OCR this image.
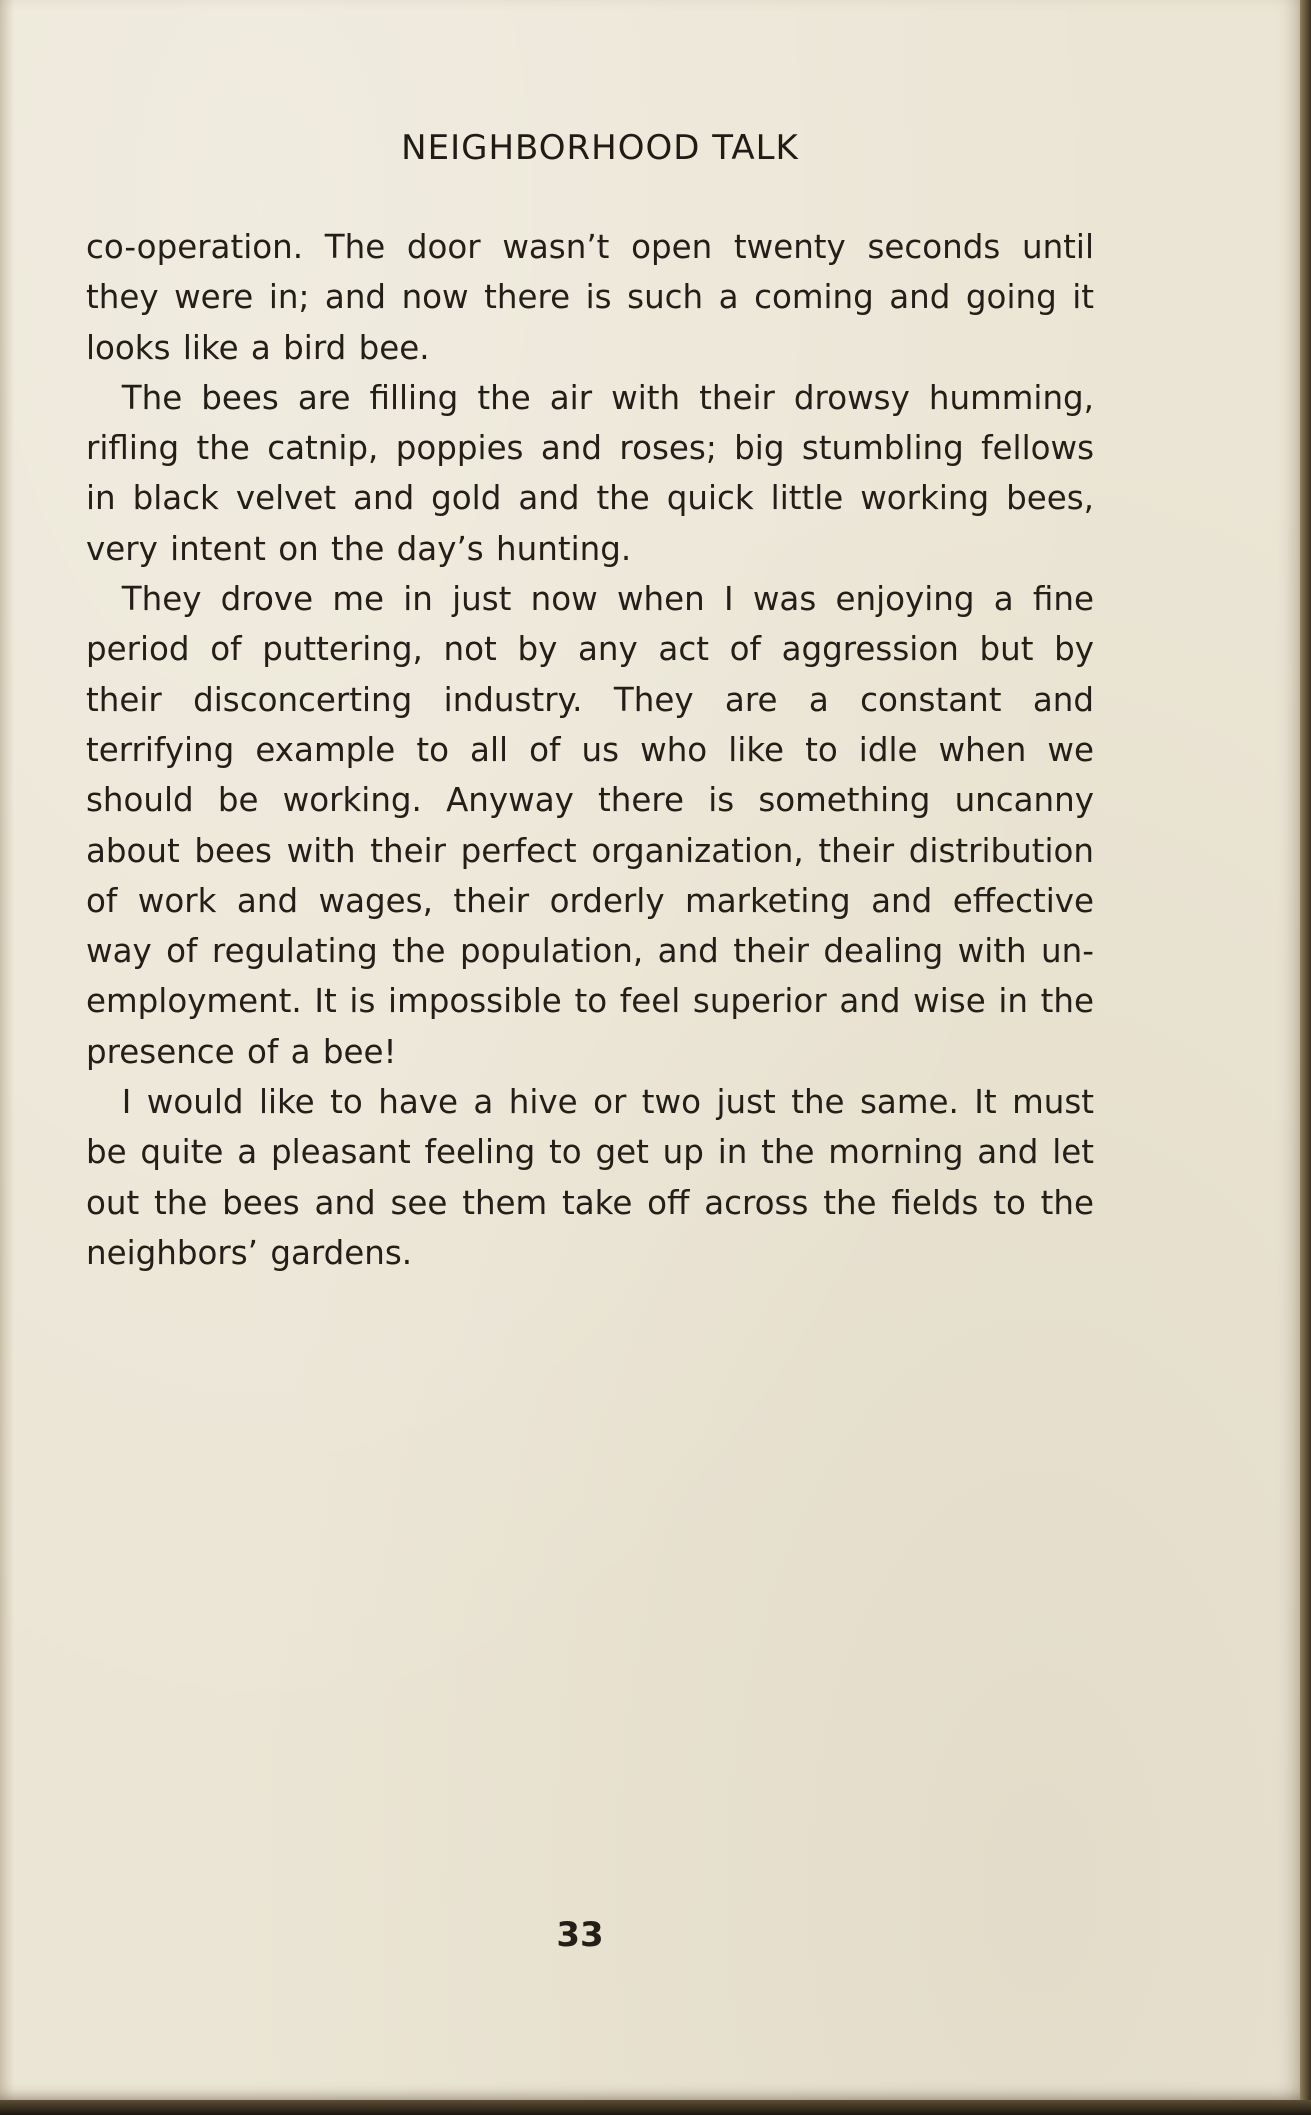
NEIGHBORHOOD TALK

co-operation. The door wasn’t open twenty seconds until they were in; and now there is such a coming and going it looks like a bird bee.

The bees are filling the air with their drowsy humming, rifling the catnip, poppies and roses; big stumbling fellows in black velvet and gold and the quick little working bees, very intent on the day’s hunting.

They drove me in just now when I was enjoying a fine period of puttering, not by any act of aggression but by their disconcerting industry. They are a constant and terrifying example to all of us who like to idle when we should be working. Anyway there is something uncanny about bees with their perfect organization, their distribution of work and wages, their orderly marketing and effective way of regulating the population, and their dealing with unemployment. It is impossible to feel superior and wise in the presence of a bee!

I would like to have a hive or two just the same. It must be quite a pleasant feeling to get up in the morning and let out the bees and see them take off across the fields to the neighbors’ gardens.

33
